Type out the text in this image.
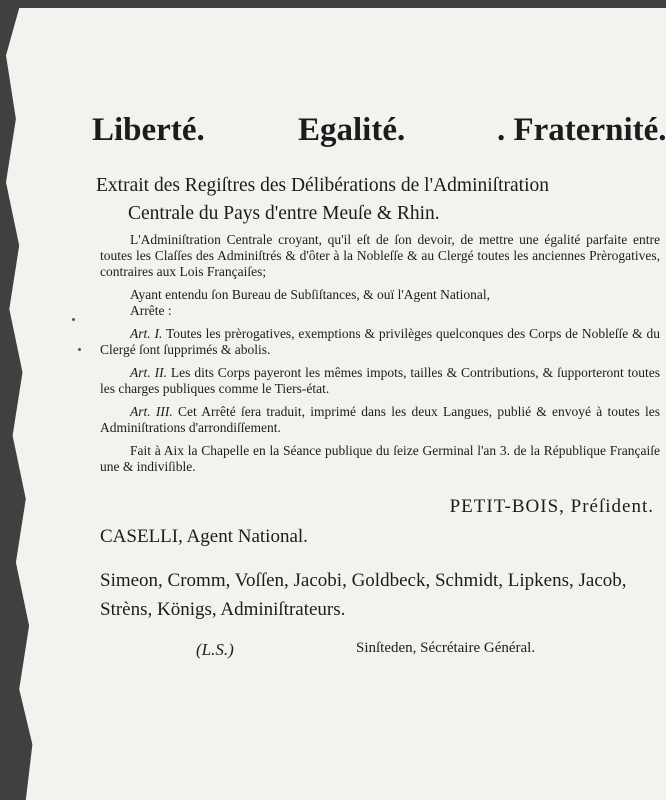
Liberté.	Egalité.	. Fraternité.
Extrait des Regiſtres des Délibérations de l'Adminiſtration
Centrale du Pays d'entre Meuſe & Rhin.

L'Adminiſtration Centrale croyant, qu'il eſt de ſon devoir, de mettre une égalité parfaite entre toutes les Claſſes des Adminiſtrés & d'ôter à la Nobleſſe & au Clergé toutes les anciennes Prèrogatives, contraires aux Lois Françaiſes;

Ayant entendu ſon Bureau de Subſiſtances, & ouï l'Agent National,

Arrête :

Art. I. Toutes les prèrogatives, exemptions & privilèges quelconques des Corps de Nobleſſe & du Clergé ſont ſupprimés & abolis.

Art. II. Les dits Corps payeront les mêmes impots, tailles & Contributions, & ſupporteront toutes les charges publiques comme le Tiers-état.

Art. III. Cet Arrêté ſera traduit, imprimé dans les deux Langues, publié & envoyé à toutes les Adminiſtrations d'arrondiſſement.

Fait à Aix la Chapelle en la Séance publique du ſeize Germinal l'an 3. de la République Françaiſe une & indiviſible.

PETIT-BOIS, Préſident.
CASELLI, Agent National.
Simeon, Cromm, Voſſen, Jacobi, Goldbeck, Schmidt, Lipkens, Jacob, Strèns, Königs, Adminiſtrateurs.
(L.S.)	Sinſteden, Sécrétaire Général.
